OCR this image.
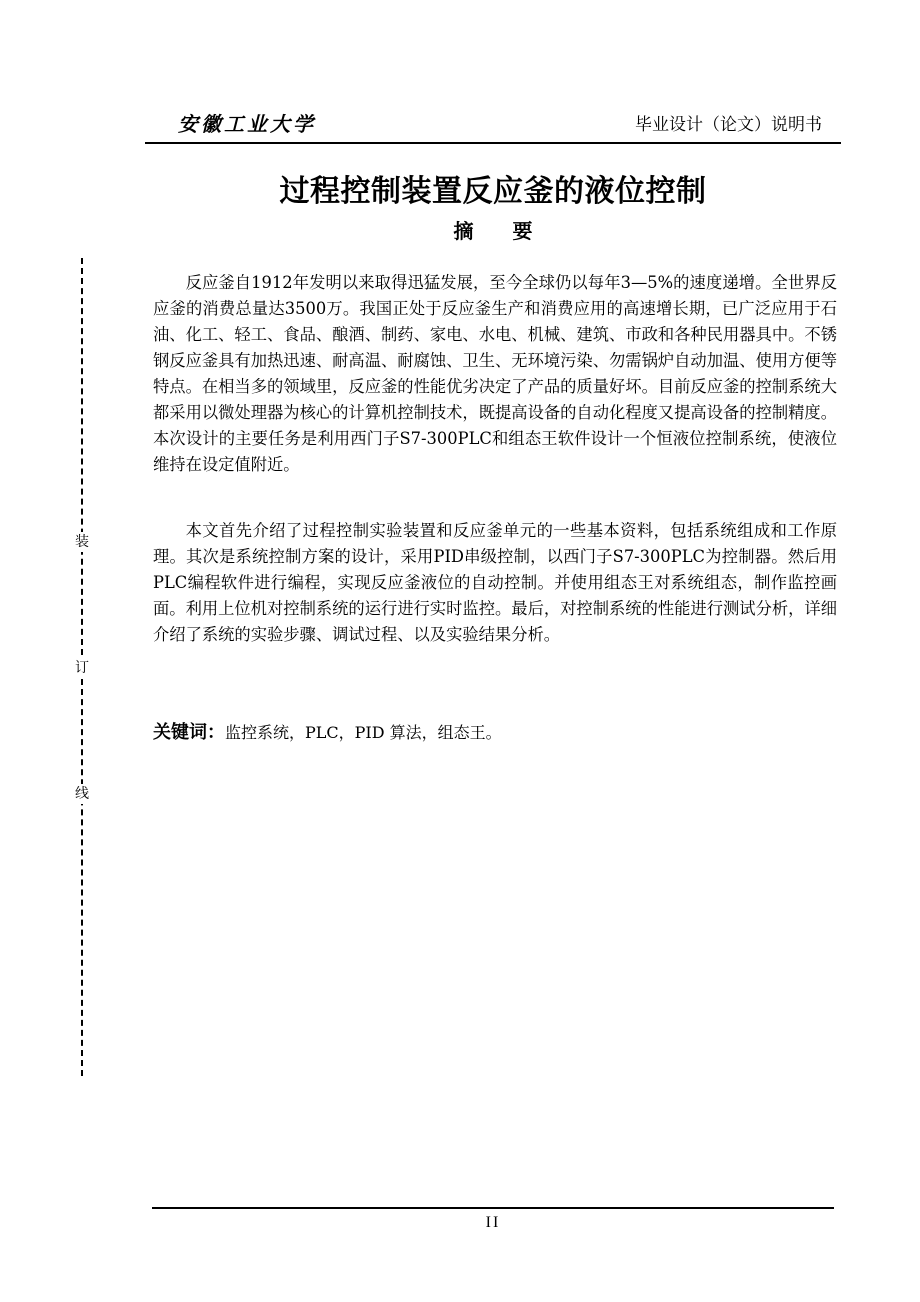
安徽工业大学	毕业设计（论文）说明书
过程控制装置反应釜的液位控制
摘 要

反应釜自1912年发明以来取得迅猛发展，至今全球仍以每年3—5%的速度递增。全世界反应釜的消费总量达3500万。我国正处于反应釜生产和消费应用的高速增长期，已广泛应用于石油、化工、轻工、食品、酿酒、制药、家电、水电、机械、建筑、市政和各种民用器具中。不锈钢反应釜具有加热迅速、耐高温、耐腐蚀、卫生、无环境污染、勿需锅炉自动加温、使用方便等特点。在相当多的领域里，反应釜的性能优劣决定了产品的质量好坏。目前反应釜的控制系统大都采用以微处理器为核心的计算机控制技术，既提高设备的自动化程度又提高设备的控制精度。本次设计的主要任务是利用西门子S7-300PLC和组态王软件设计一个恒液位控制系统，使液位维持在设定值附近。

本文首先介绍了过程控制实验装置和反应釜单元的一些基本资料，包括系统组成和工作原理。其次是系统控制方案的设计，采用PID串级控制，以西门子S7-300PLC为控制器。然后用PLC编程软件进行编程，实现反应釜液位的自动控制。并使用组态王对系统组态，制作监控画面。利用上位机对控制系统的运行进行实时监控。最后，对控制系统的性能进行测试分析，详细介绍了系统的实验步骤、调试过程、以及实验结果分析。

关键词：监控系统，PLC，PID 算法，组态王。
装
订
线
II
